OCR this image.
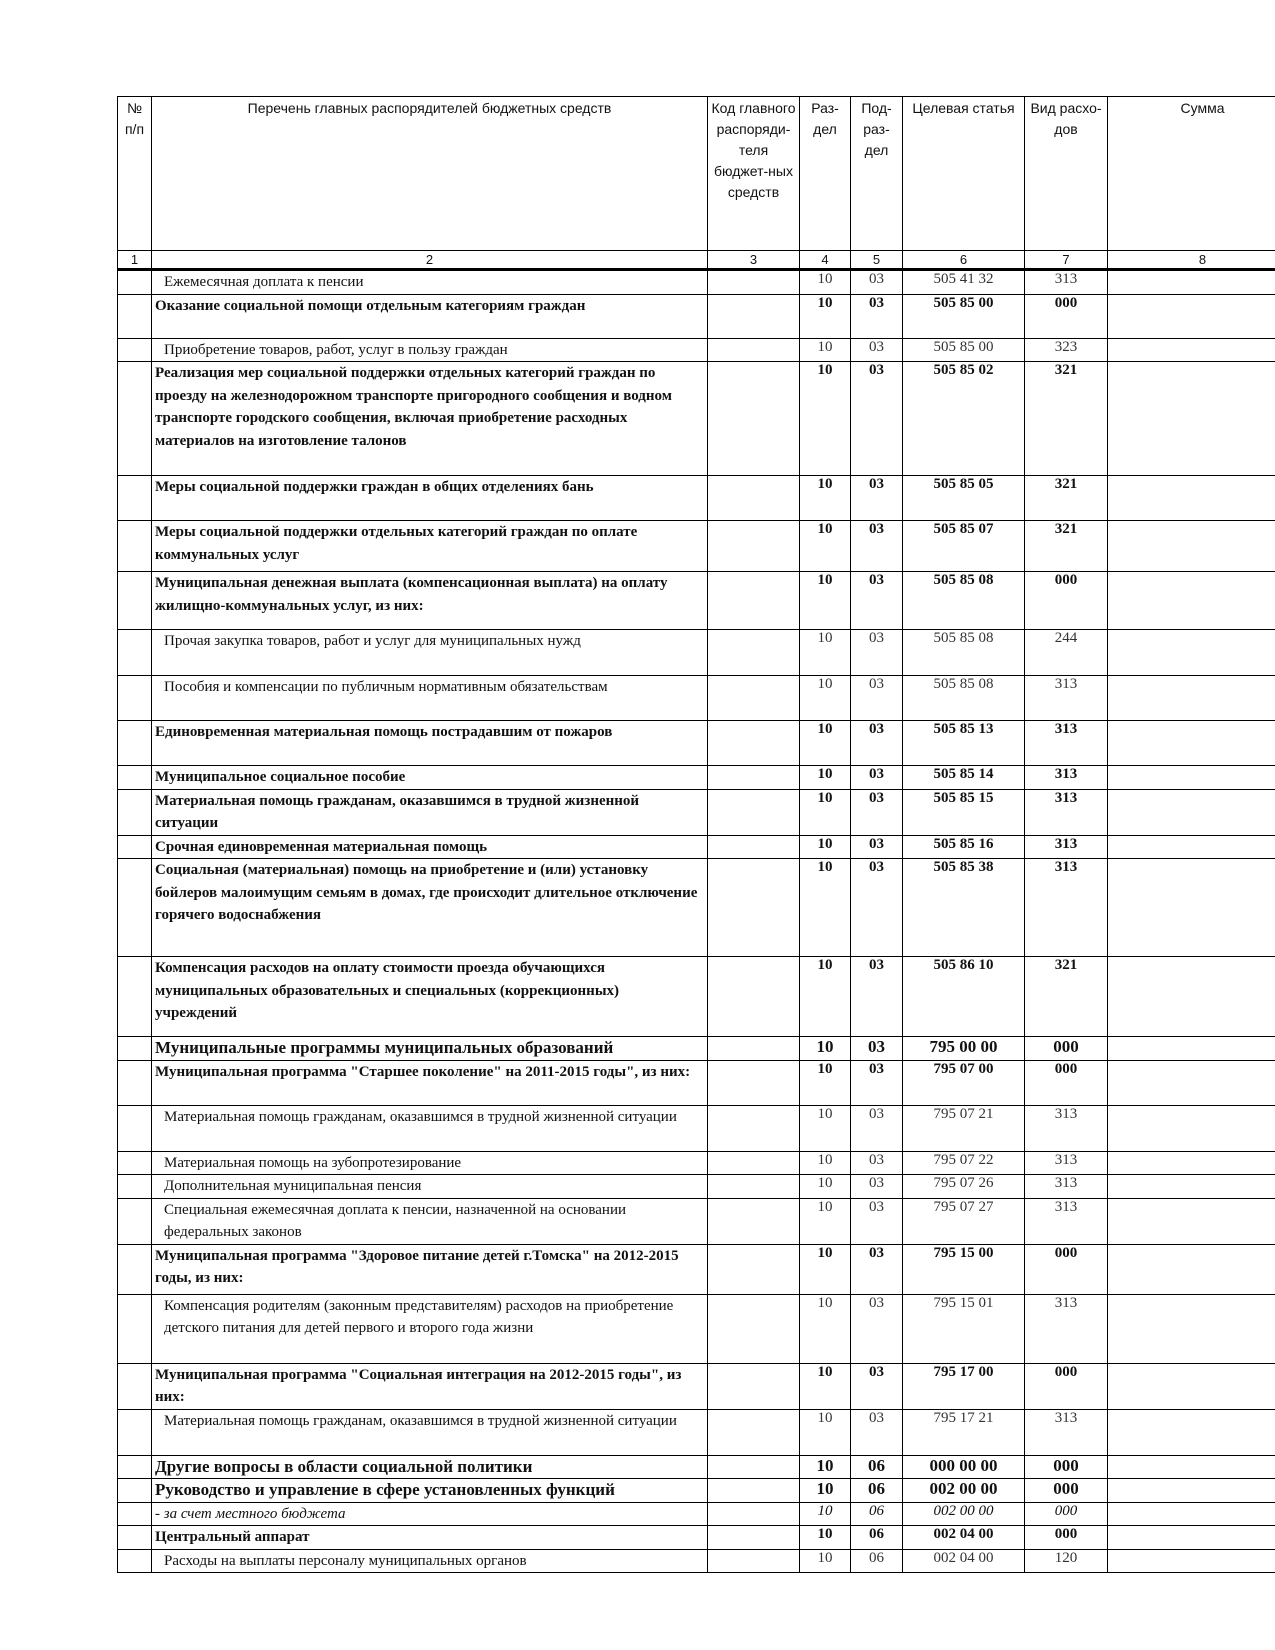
№ п/п	Перечень главных распорядителей бюджетных средств	Код главного распоряди-теля бюджет-ных средств	Раз-дел	Под-раз-дел	Целевая статья	Вид расхо-дов	Сумма
1	2	3	4	5	6	7	8
	Ежемесячная доплата к пенсии		10	03	505 41 32	313	
	Оказание социальной помощи отдельным категориям граждан		10	03	505 85 00	000	
	Приобретение товаров, работ, услуг в пользу граждан		10	03	505 85 00	323	
	Реализация мер социальной поддержки отдельных категорий граждан по проезду на железнодорожном транспорте пригородного сообщения и водном транспорте городского сообщения, включая приобретение расходных материалов на изготовление талонов		10	03	505 85 02	321	
	Меры социальной поддержки граждан в общих отделениях бань		10	03	505 85 05	321	
	Меры социальной поддержки отдельных категорий граждан по оплате коммунальных услуг		10	03	505 85 07	321	
	Муниципальная денежная выплата (компенсационная выплата) на оплату жилищно-коммунальных услуг, из них:		10	03	505 85 08	000	
	Прочая закупка товаров, работ и услуг для муниципальных нужд		10	03	505 85 08	244	
	Пособия и компенсации по публичным нормативным обязательствам		10	03	505 85 08	313	
	Единовременная материальная помощь пострадавшим от пожаров		10	03	505 85 13	313	
	Муниципальное социальное пособие		10	03	505 85 14	313	
	Материальная помощь гражданам, оказавшимся в трудной жизненной ситуации		10	03	505 85 15	313	
	Срочная единовременная материальная помощь		10	03	505 85 16	313	
	Социальная (материальная) помощь на приобретение и (или) установку бойлеров малоимущим семьям в домах, где происходит длительное отключение горячего водоснабжения		10	03	505 85 38	313	
	Компенсация расходов на оплату стоимости проезда обучающихся муниципальных образовательных и специальных (коррекционных) учреждений		10	03	505 86 10	321	
	Муниципальные программы муниципальных образований		10	03	795 00 00	000	
	Муниципальная программа "Старшее поколение" на 2011-2015 годы", из них:		10	03	795 07 00	000	
	Материальная помощь гражданам, оказавшимся в трудной жизненной ситуации		10	03	795 07 21	313	
	Материальная помощь на зубопротезирование		10	03	795 07 22	313	
	Дополнительная муниципальная пенсия		10	03	795 07 26	313	
	Специальная ежемесячная доплата к пенсии, назначенной на основании федеральных законов		10	03	795 07 27	313	
	Муниципальная программа "Здоровое питание детей г.Томска" на 2012-2015 годы, из них:		10	03	795 15 00	000	
	Компенсация родителям (законным представителям) расходов на приобретение детского питания для детей первого и второго года жизни		10	03	795 15 01	313	
	Муниципальная программа "Социальная интеграция на 2012-2015 годы", из них:		10	03	795 17 00	000	
	Материальная помощь гражданам, оказавшимся в трудной жизненной ситуации		10	03	795 17 21	313	
	Другие вопросы в области социальной политики		10	06	000 00 00	000	
	Руководство и управление в сфере установленных функций		10	06	002 00 00	000	
	- за счет местного бюджета		10	06	002 00 00	000	
	Центральный аппарат		10	06	002 04 00	000	
	Расходы на выплаты персоналу муниципальных органов		10	06	002 04 00	120	
